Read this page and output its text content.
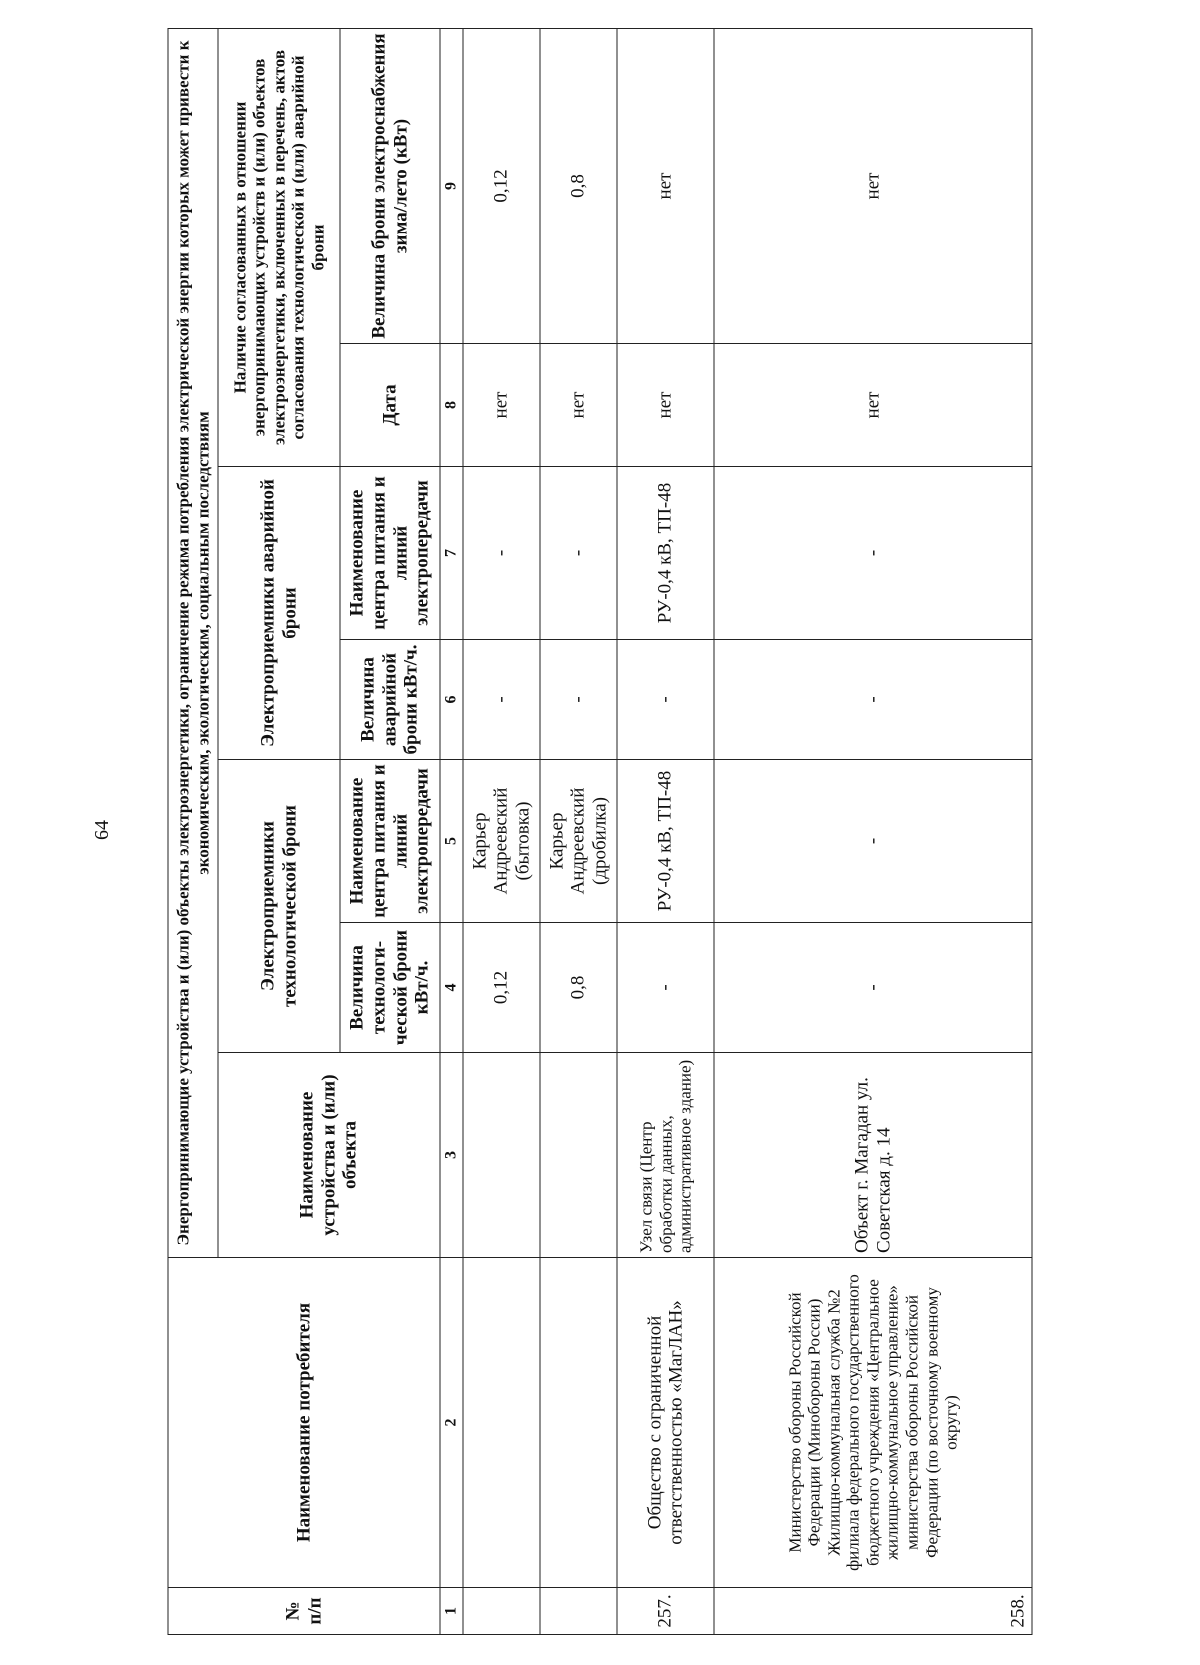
64
№ п/п	Наименование потребителя	Энергопринимающие устройства и (или) объекты электроэнергетики, ограничение режима потребления электрической энергии которых может привести к экономическим, экологическим, социальным последствиям						
		Наименование устройства и (или) объекта	Электроприемники технологической брони		Электроприемники аварийной брони		Наличие согласованных в отношении энергопринимающих устройств и (или) объектов электроэнергетики, включенных в перечень, актов согласования технологической и (или) аварийной брони	
			Величина технологи-ческой брони кВт/ч.	Наименование центра питания и линий электропередачи	Величина аварийной брони кВт/ч.	Наименование центра питания и линий электропередачи	Дата	Величина брони электроснабжения зима/лето (кВт)
1	2	3	4	5	6	7	8	9
			0,12	Карьер Андреевский (бытовка)	-	-	нет	0,12
			0,8	Карьер Андреевский (дробилка)	-	-	нет	0,8
257.	Общество с ограниченной ответственностью «МагЛАН»	Узел связи (Центр обработки данных, административное здание)	-	РУ-0,4 кВ, ТП-48	-	РУ-0,4 кВ, ТП-48	нет	нет
258.	Министерство обороны Российской Федерации (Минобороны России) Жилищно-коммунальная служба №2 филиала федерального государственного бюджетного учреждения «Центральное жилищно-коммунальное управление» министерства обороны Российской Федерации (по восточному военному округу)	Объект г. Магадан ул. Советская д. 14	-	-	-	-	нет	нет
